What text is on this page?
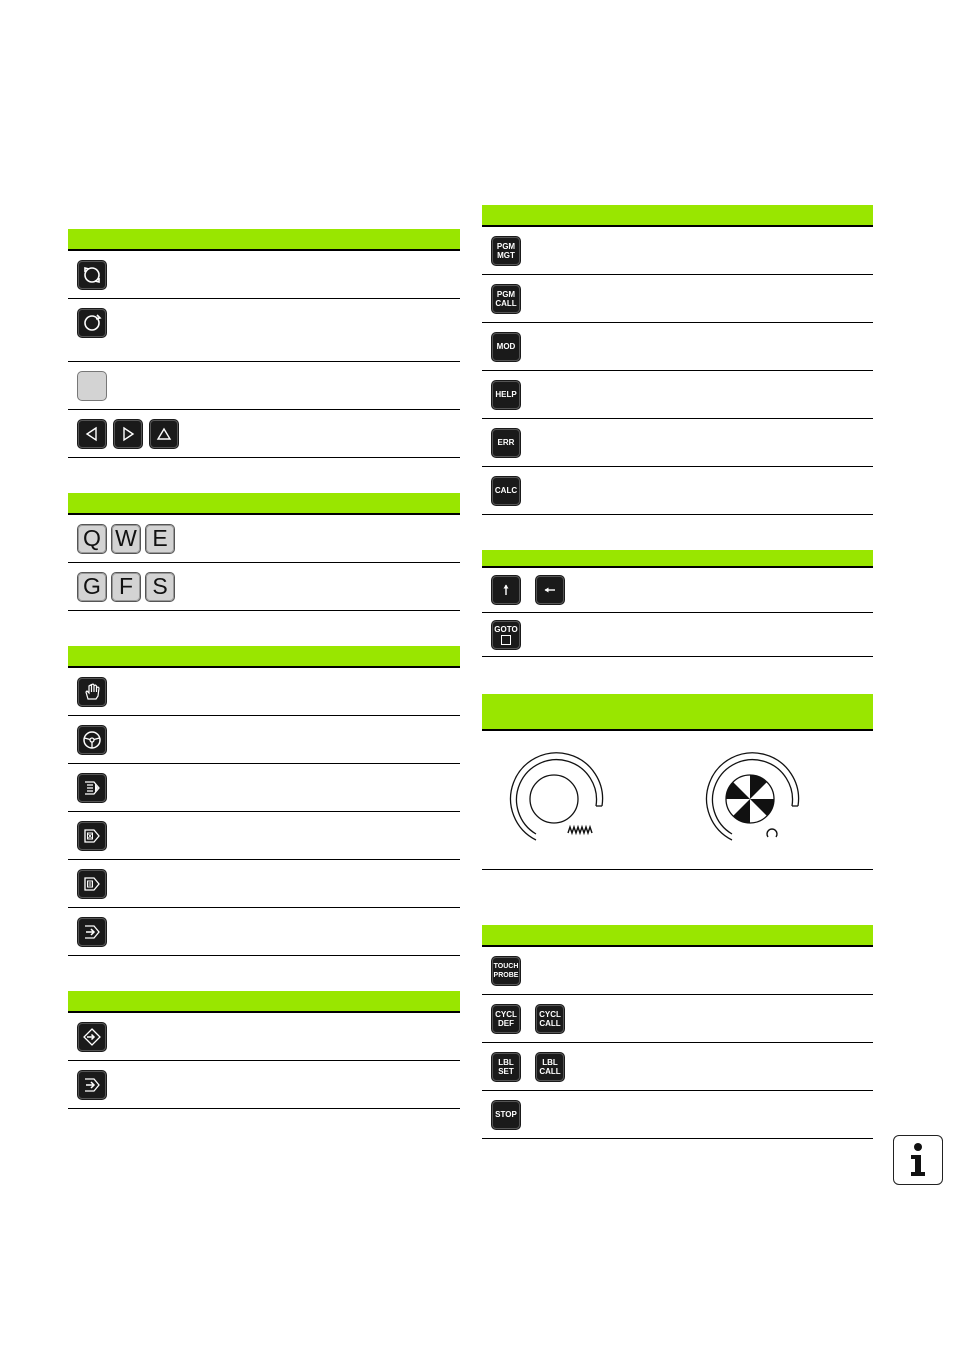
Q W E
G F S
PGM
MGT
PGM
CALL
MOD
HELP
ERR
CALC
GOTO
TOUCH
PROBE
CYCL
DEF
CYCL
CALL
LBL
SET
LBL
CALL
STOP
